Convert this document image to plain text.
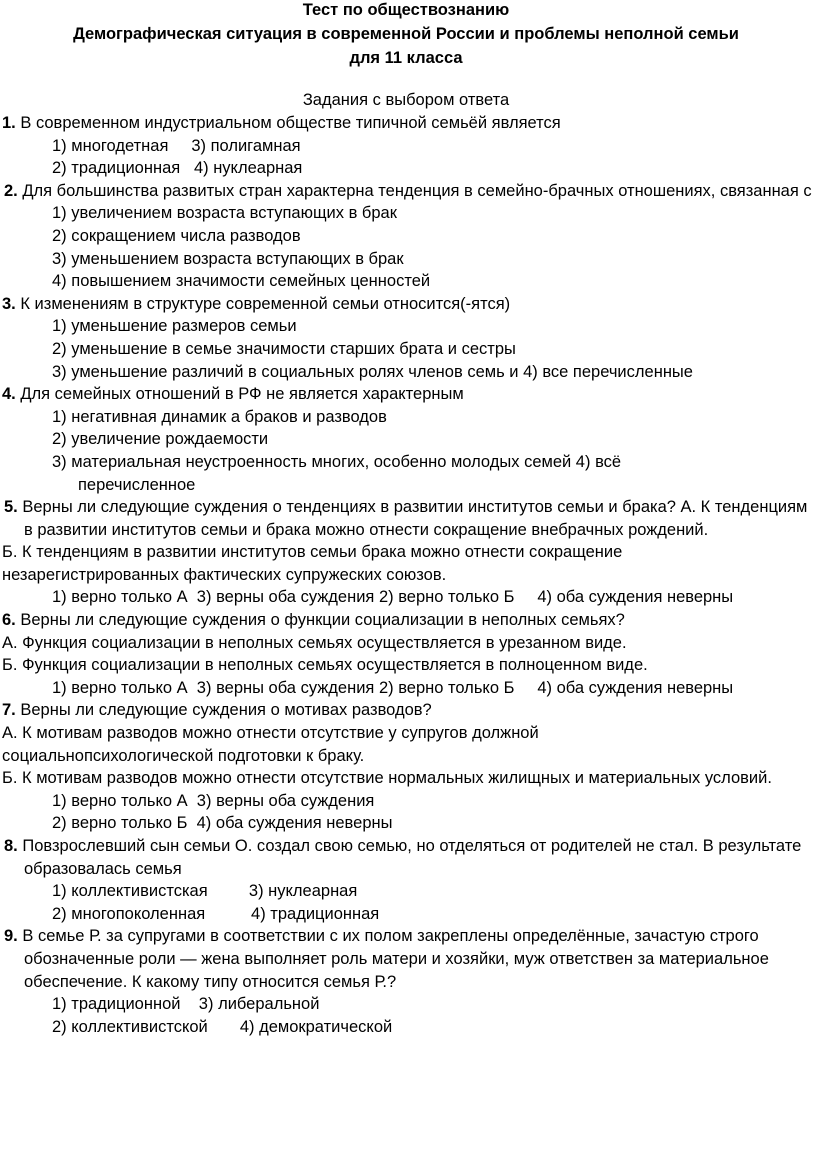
Тест по обществознанию
Демографическая ситуация в современной России и проблемы неполной семьи
для 11 класса
Задания с выбором ответа
1. В современном индустриальном обществе типичной семьёй является
1) многодетная     3) полигамная
2) традиционная   4) нуклеарная
2. Для большинства развитых стран характерна тенденция в семейно-брачных отношениях, связанная с
1) увеличением возраста вступающих в брак
2) сокращением числа разводов
3) уменьшением возраста вступающих в брак
4) повышением значимости семейных ценностей
3. К изменениям в структуре современной семьи относится(-ятся)
1) уменьшение размеров семьи
2) уменьшение в семье значимости старших брата и сестры
3) уменьшение различий в социальных ролях членов семь и 4) все перечисленные
4. Для семейных отношений в РФ не является характерным
1) негативная динамик а браков и разводов
2) увеличение рождаемости
3) материальная неустроенность многих, особенно молодых семей 4) всё перечисленное
5. Верны ли следующие суждения о тенденциях в развитии институтов семьи и брака? А. К тенденциям в развитии институтов семьи и брака можно отнести сокращение внебрачных рождений.
Б. К тенденциям в развитии институтов семьи брака можно отнести сокращение незарегистрированных фактических супружеских союзов.
1) верно только А  3) верны оба суждения 2) верно только Б     4) оба суждения неверны
6. Верны ли следующие суждения о функции социализации в неполных семьях?
А. Функция социализации в неполных семьях осуществляется в урезанном виде.
Б. Функция социализации в неполных семьях осуществляется в полноценном виде.
1) верно только А  3) верны оба суждения 2) верно только Б     4) оба суждения неверны
7. Верны ли следующие суждения о мотивах разводов?
А. К мотивам разводов можно отнести отсутствие у супругов должной социальнопсихологической подготовки к браку.
Б. К мотивам разводов можно отнести отсутствие нормальных жилищных и материальных условий.
1) верно только А  3) верны оба суждения
2) верно только Б  4) оба суждения неверны
8. Повзрослевший сын семьи О. создал свою семью, но отделяться от родителей не стал. В результате образовалась семья
1) коллективистская         3) нуклеарная
2) многопоколенная          4) традиционная
9. В семье Р. за супругами в соответствии с их полом закреплены определённые, зачастую строго обозначенные роли — жена выполняет роль матери и хозяйки, муж ответствен за материальное обеспечение. К какому типу относится семья Р.?
1) традиционной    3) либеральной
2) коллективистской       4) демократической
